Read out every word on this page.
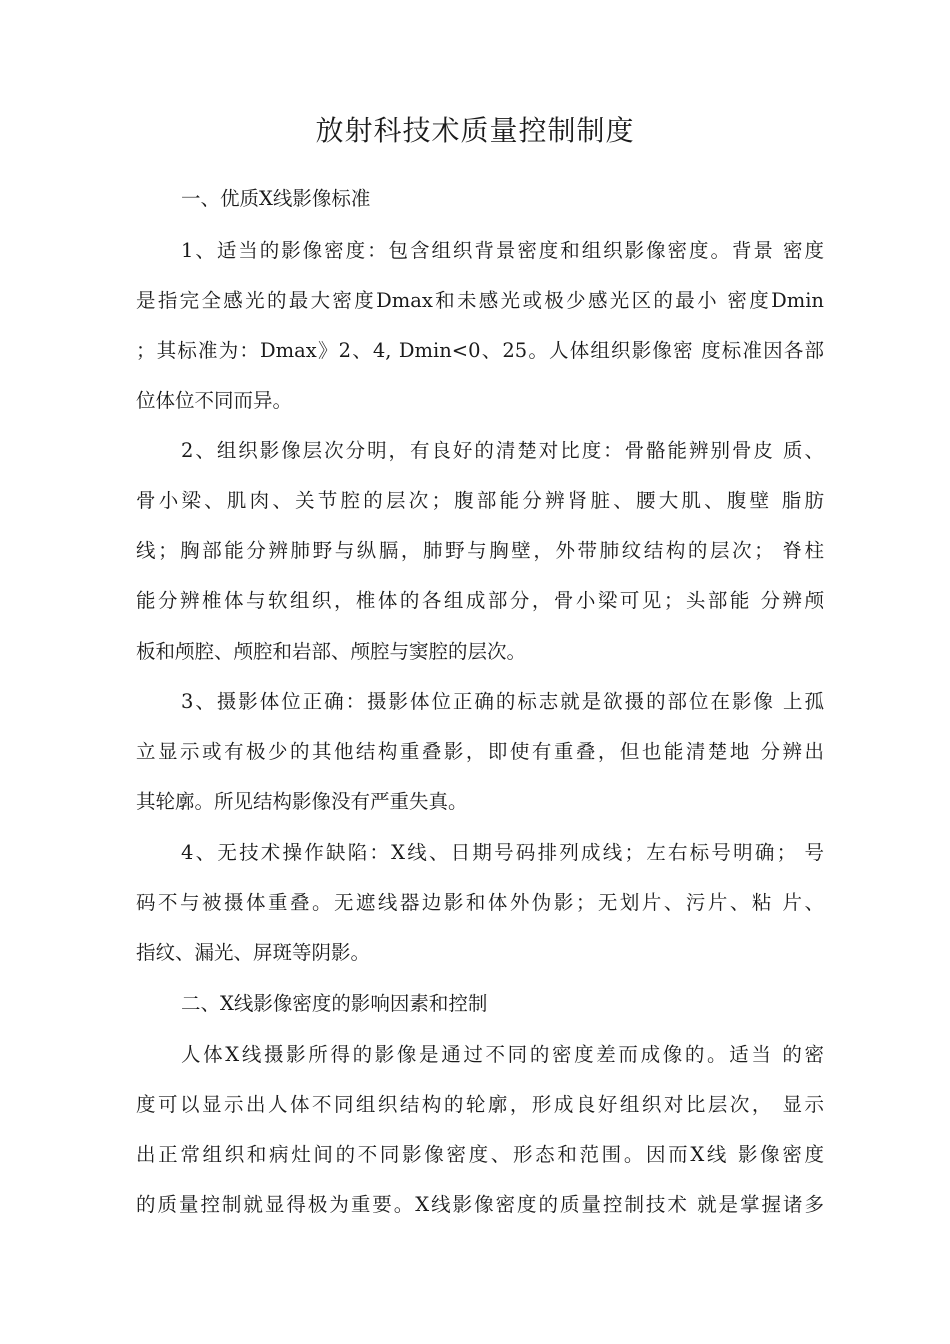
放射科技术质量控制制度
一、优质X线影像标准
1、适当的影像密度：包含组织背景密度和组织影像密度。背景 密度
是指完全感光的最大密度Dmax和未感光或极少感光区的最小 密度Dmin
；其标准为：Dmax》2、4, Dmin<0、25。人体组织影像密 度标准因各部
位体位不同而异。
2、组织影像层次分明，有良好的清楚对比度：骨骼能辨别骨皮 质、
骨小梁、肌肉、关节腔的层次；腹部能分辨肾脏、腰大肌、腹壁 脂肪
线；胸部能分辨肺野与纵膈，肺野与胸壁，外带肺纹结构的层次； 脊柱
能分辨椎体与软组织，椎体的各组成部分，骨小梁可见；头部能 分辨颅
板和颅腔、颅腔和岩部、颅腔与窦腔的层次。
3、摄影体位正确：摄影体位正确的标志就是欲摄的部位在影像 上孤
立显示或有极少的其他结构重叠影，即使有重叠，但也能清楚地 分辨出
其轮廓。所见结构影像没有严重失真。
4、无技术操作缺陷：X线、日期号码排列成线；左右标号明确； 号
码不与被摄体重叠。无遮线器边影和体外伪影；无划片、污片、粘 片、
指纹、漏光、屏斑等阴影。
二、X线影像密度的影响因素和控制
人体X线摄影所得的影像是通过不同的密度差而成像的。适当 的密
度可以显示出人体不同组织结构的轮廓，形成良好组织对比层次， 显示
出正常组织和病灶间的不同影像密度、形态和范围。因而X线 影像密度
的质量控制就显得极为重要。X线影像密度的质量控制技术 就是掌握诸多
